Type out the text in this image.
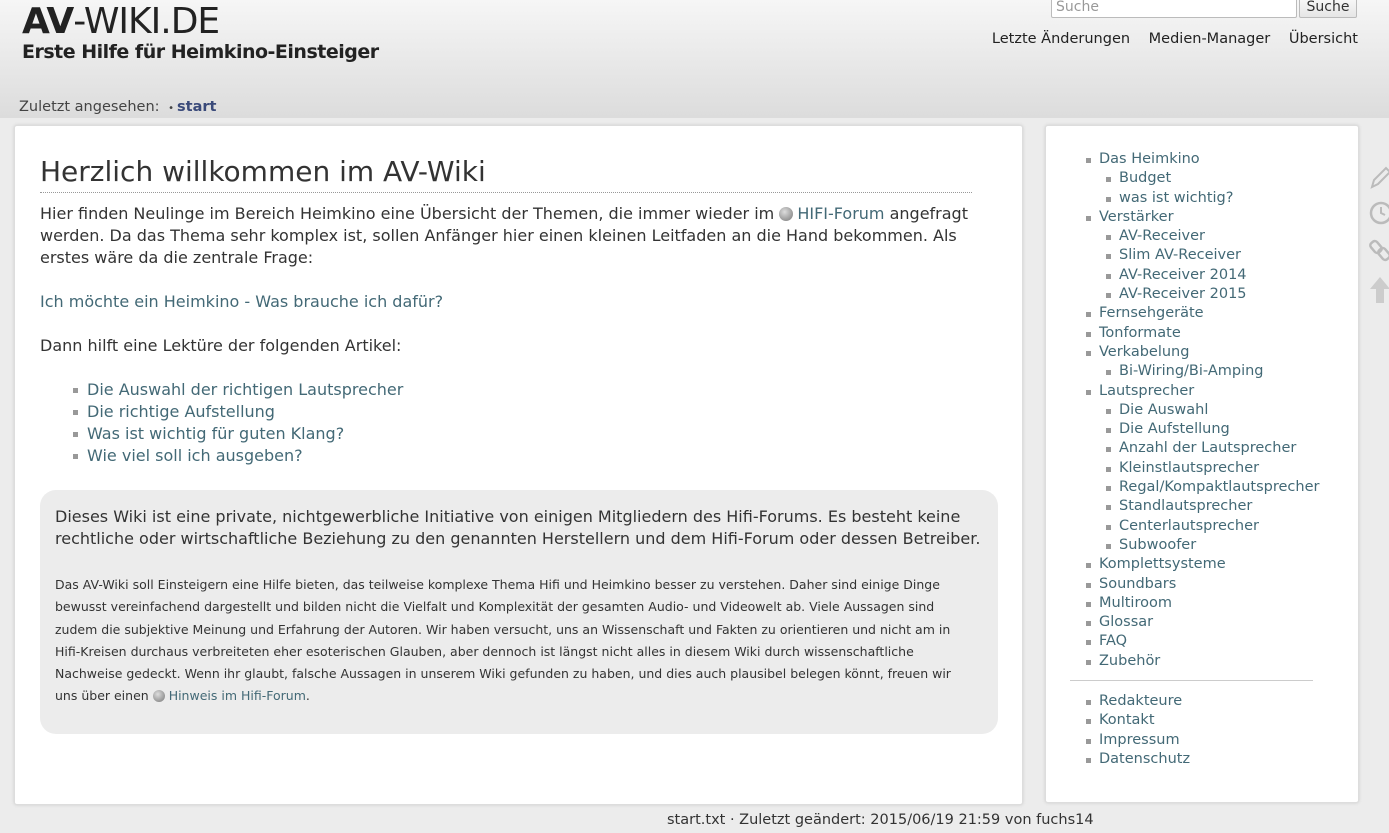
AV-WIKI.DE
Erste Hilfe für Heimkino-Einsteiger
Suche
Suche
Letzte Änderungen Medien-Manager Übersicht
Zuletzt angesehen: • start
Herzlich willkommen im AV-Wiki

Hier finden Neulinge im Bereich Heimkino eine Übersicht der Themen, die immer wieder im HIFI-Forum angefragt werden. Da das Thema sehr komplex ist, sollen Anfänger hier einen kleinen Leitfaden an die Hand bekommen. Als erstes wäre da die zentrale Frage:

Ich möchte ein Heimkino - Was brauche ich dafür?
Dann hilft eine Lektüre der folgenden Artikel:
Die Auswahl der richtigen Lautsprecher
Die richtige Aufstellung
Was ist wichtig für guten Klang?
Wie viel soll ich ausgeben?

Dieses Wiki ist eine private, nichtgewerbliche Initiative von einigen Mitgliedern des Hifi-Forums. Es besteht keine rechtliche oder wirtschaftliche Beziehung zu den genannten Herstellern und dem Hifi-Forum oder dessen Betreiber.

Das AV-Wiki soll Einsteigern eine Hilfe bieten, das teilweise komplexe Thema Hifi und Heimkino besser zu verstehen. Daher sind einige Dinge bewusst vereinfachend dargestellt und bilden nicht die Vielfalt und Komplexität der gesamten Audio- und Videowelt ab. Viele Aussagen sind zudem die subjektive Meinung und Erfahrung der Autoren. Wir haben versucht, uns an Wissenschaft und Fakten zu orientieren und nicht am in Hifi-Kreisen durchaus verbreiteten eher esoterischen Glauben, aber dennoch ist längst nicht alles in diesem Wiki durch wissenschaftliche Nachweise gedeckt. Wenn ihr glaubt, falsche Aussagen in unserem Wiki gefunden zu haben, und dies auch plausibel belegen könnt, freuen wir uns über einen Hinweis im Hifi-Forum.

Das Heimkino
Budget
was ist wichtig?
Verstärker
AV-Receiver
Slim AV-Receiver
AV-Receiver 2014
AV-Receiver 2015
Fernsehgeräte
Tonformate
Verkabelung
Bi-Wiring/Bi-Amping
Lautsprecher
Die Auswahl
Die Aufstellung
Anzahl der Lautsprecher
Kleinstlautsprecher
Regal/Kompaktlautsprecher
Standlautsprecher
Centerlautsprecher
Subwoofer
Komplettsysteme
Soundbars
Multiroom
Glossar
FAQ
Zubehör
Redakteure
Kontakt
Impressum
Datenschutz
start.txt · Zuletzt geändert: 2015/06/19 21:59 von fuchs14
